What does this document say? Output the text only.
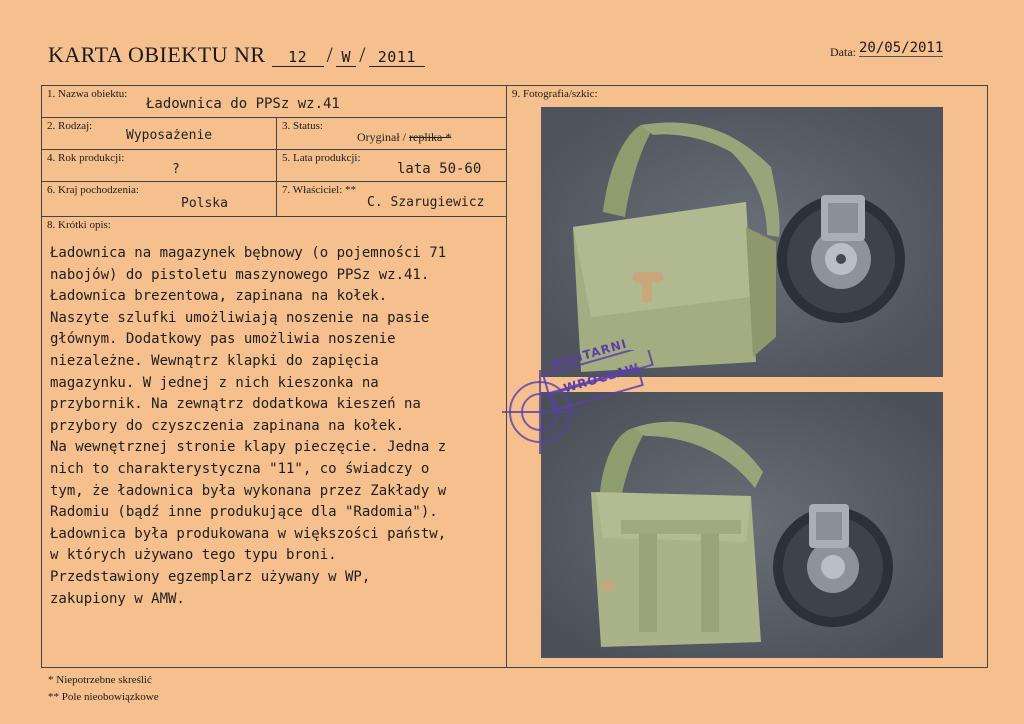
KARTA OBIEKTU NR 12 / W / 2011	Data: 20/05/2011
1. Nazwa obiektu:
Ładownica do PPSz wz.41
2. Rodzaj:
Wyposażenie
3. Status:
Oryginał / replika *
4. Rok produkcji:
?
5. Lata produkcji:
lata 50-60
6. Kraj pochodzenia:
Polska
7. Właściciel: **
C. Szarugiewicz
8. Krótki opis:
Ładownica na magazynek bębnowy (o pojemności 71
nabojów) do pistoletu maszynowego PPSz wz.41.
Ładownica brezentowa, zapinana na kołek.
Naszyte szlufki umożliwiają noszenie na pasie
głównym. Dodatkowy pas umożliwia noszenie
niezależne. Wewnątrz klapki do zapięcia
magazynku. W jednej z nich kieszonka na
przybornik. Na zewnątrz dodatkowa kieszeń na
przybory do czyszczenia zapinana na kołek.
Na wewnętrznej stronie klapy pieczęcie. Jedna z
nich to charakterystyczna "11", co świadczy o
tym, że ładownica była wykonana przez Zakłady w
Radomiu (bądź inne produkujące dla "Radomia").
Ładownica była produkowana w większości państw,
w których używano tego typu broni.
Przedstawiony egzemplarz używany w WP,
zakupiony w AMW.
9. Fotografia/szkic:
MILITARNI
WROCŁAW
* Niepotrzebne skreślić
** Pole nieobowiązkowe
